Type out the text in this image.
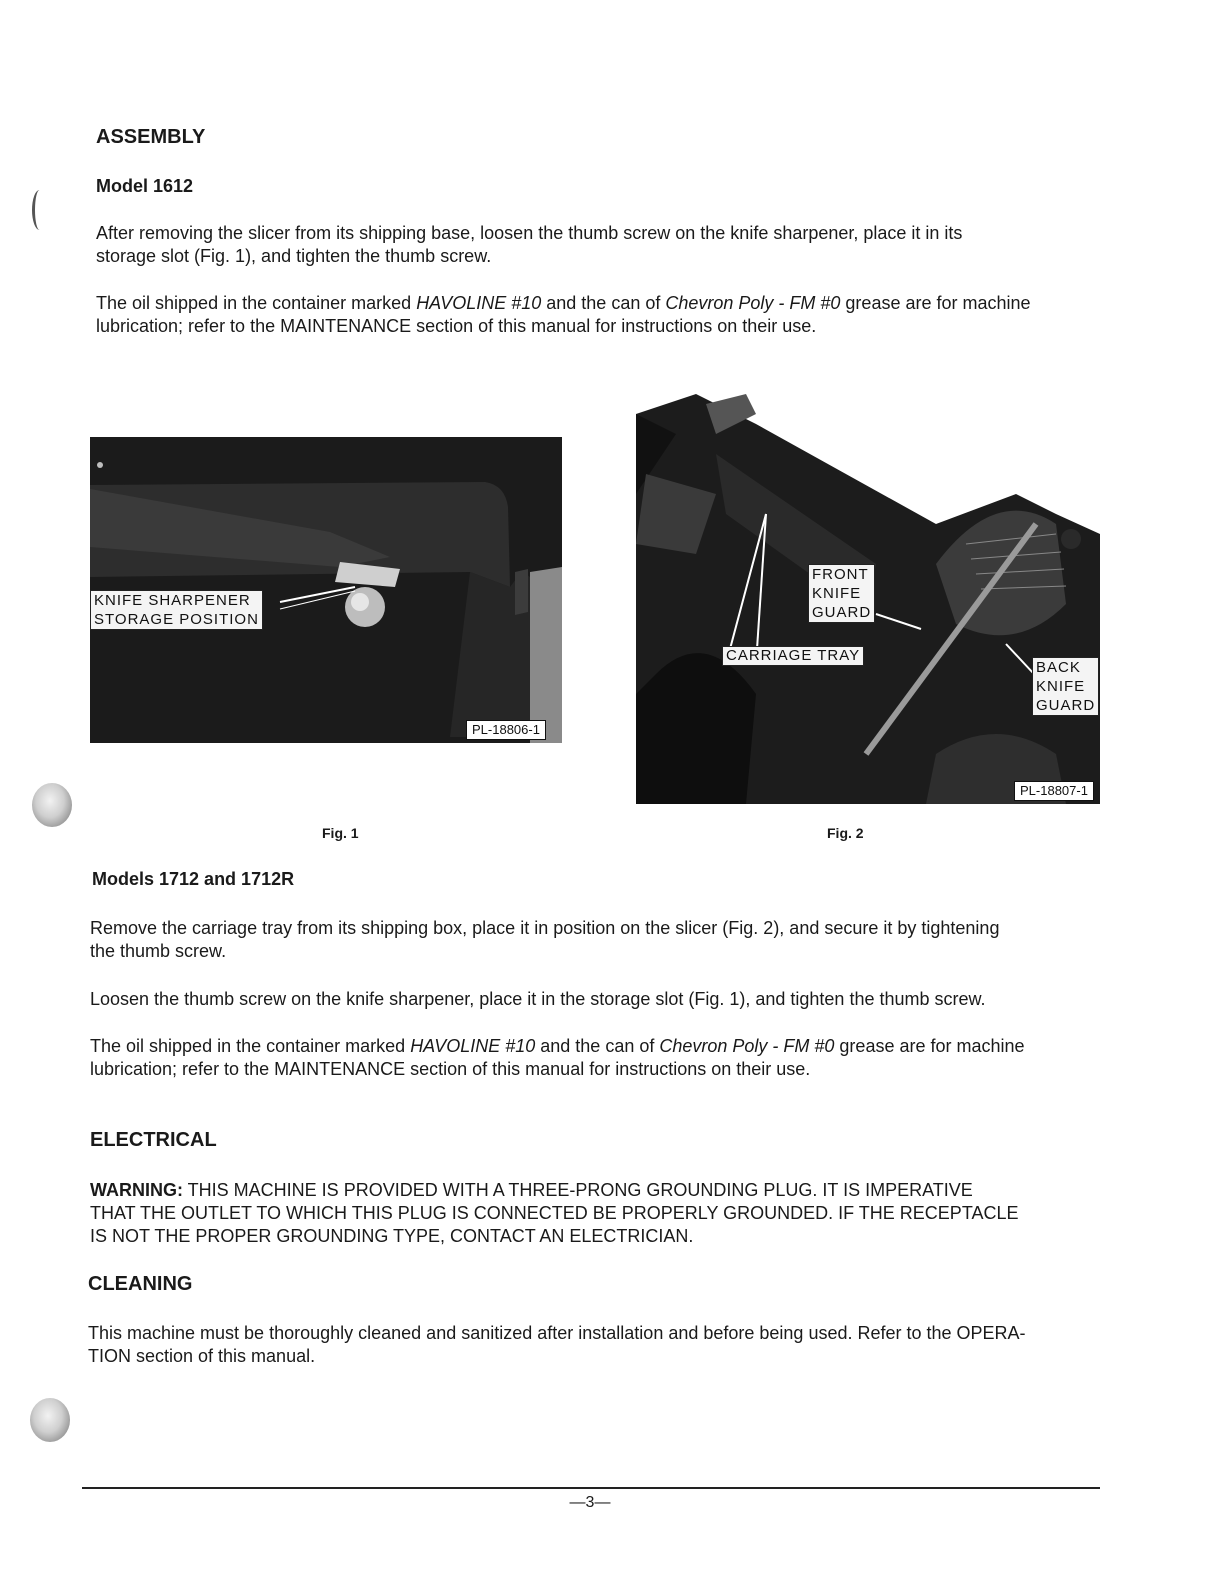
ASSEMBLY
Model 1612
After removing the slicer from its shipping base, loosen the thumb screw on the knife sharpener, place it in its
storage slot (Fig. 1), and tighten the thumb screw.
The oil shipped in the container marked HAVOLINE #10 and the can of Chevron Poly - FM #0 grease are for machine
lubrication; refer to the MAINTENANCE section of this manual for instructions on their use.
KNIFE SHARPENER
STORAGE POSITION
PL-18806-1
Fig. 1
FRONT
KNIFE
GUARD
CARRIAGE TRAY
BACK
KNIFE
GUARD
PL-18807-1
Fig. 2
Models 1712 and 1712R
Remove the carriage tray from its shipping box, place it in position on the slicer (Fig. 2), and secure it by tightening
the thumb screw.
Loosen the thumb screw on the knife sharpener, place it in the storage slot (Fig. 1), and tighten the thumb screw.
The oil shipped in the container marked HAVOLINE #10 and the can of Chevron Poly - FM #0 grease are for machine
lubrication; refer to the MAINTENANCE section of this manual for instructions on their use.
ELECTRICAL
WARNING: THIS MACHINE IS PROVIDED WITH A THREE-PRONG GROUNDING PLUG. IT IS IMPERATIVE
THAT THE OUTLET TO WHICH THIS PLUG IS CONNECTED BE PROPERLY GROUNDED. IF THE RECEPTACLE
IS NOT THE PROPER GROUNDING TYPE, CONTACT AN ELECTRICIAN.
CLEANING
This machine must be thoroughly cleaned and sanitized after installation and before being used. Refer to the OPERA-
TION section of this manual.
—3—
